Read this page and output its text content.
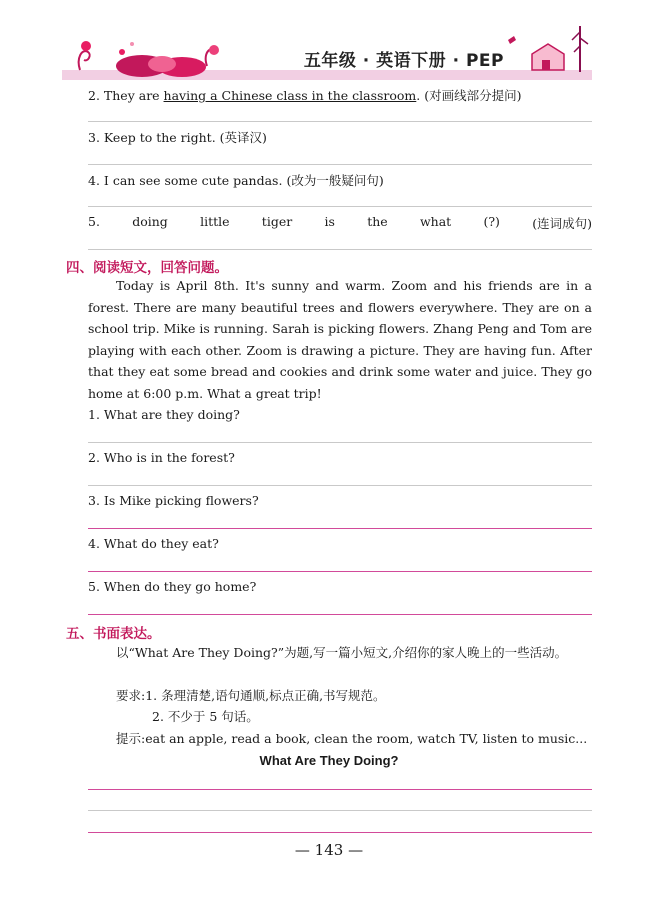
五年级 · 英语下册 · PEP
2. They are having a Chinese class in the classroom. (对画线部分提问)
3. Keep to the right. (英译汉)
4. I can see some cute pandas. (改为一般疑问句)
5.	doing	little	tiger	is	the	what	(?)	(连词成句)
四、阅读短文，回答问题。
Today is April 8th. It's sunny and warm. Zoom and his friends are in a forest. There are many beautiful trees and flowers everywhere. They are on a school trip. Mike is running. Sarah is picking flowers. Zhang Peng and Tom are playing with each other. Zoom is drawing a picture. They are having fun. After that they eat some bread and cookies and drink some water and juice. They go home at 6:00 p.m. What a great trip!
1. What are they doing?
2. Who is in the forest?
3. Is Mike picking flowers?
4. What do they eat?
5. When do they go home?
五、书面表达。
以“What Are They Doing?”为题,写一篇小短文,介绍你的家人晚上的一些活动。
要求:1. 条理清楚,语句通顺,标点正确,书写规范。
2. 不少于 5 句话。
提示:eat an apple, read a book, clean the room, watch TV, listen to music...
What Are They Doing?
— 143 —
